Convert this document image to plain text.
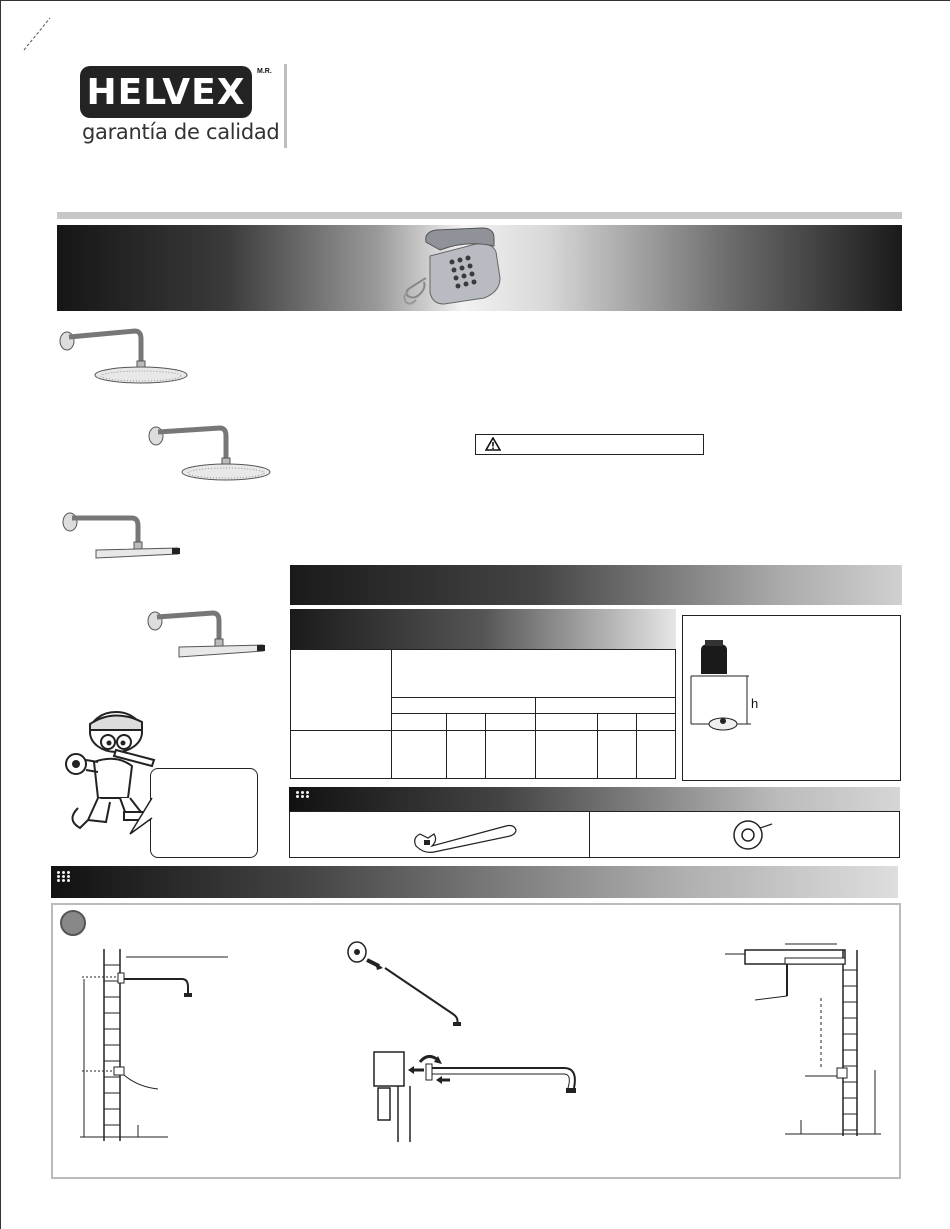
HELVEX M.R.
garantía de calidad
h
